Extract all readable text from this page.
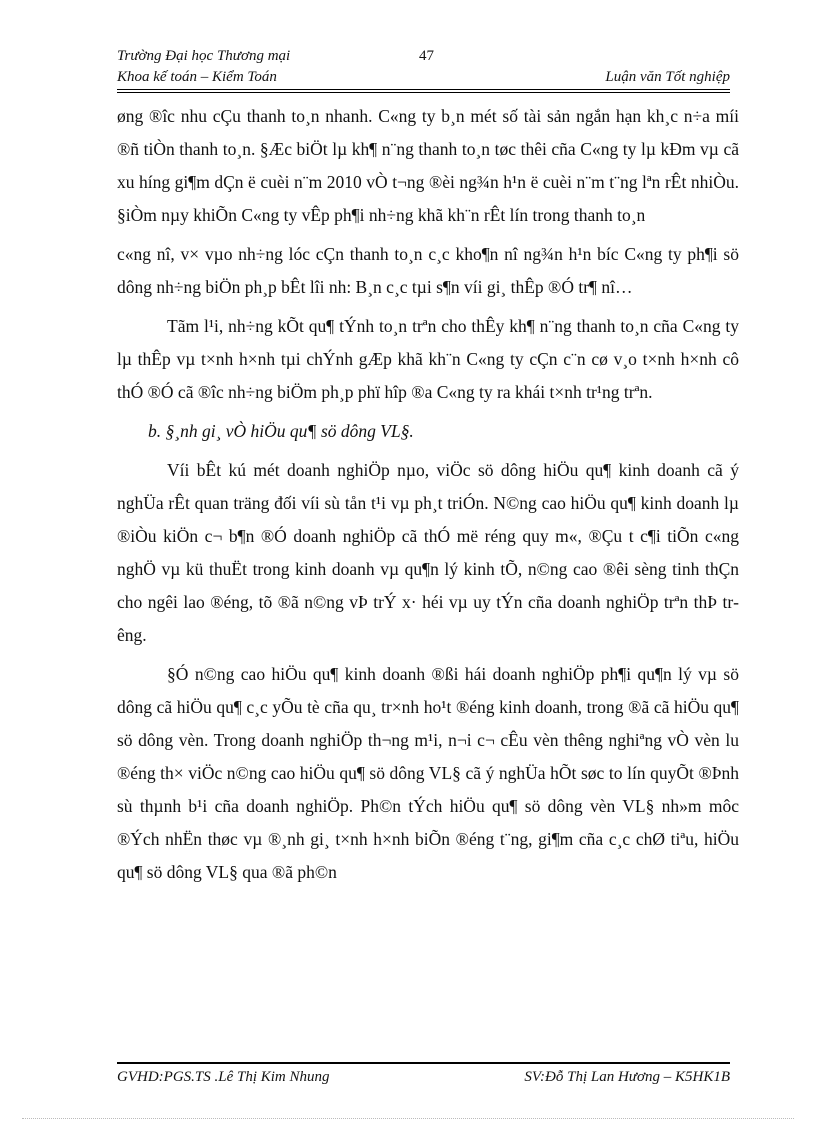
Trường Đại học Thương mại	47
Khoa kế toán – Kiểm Toán	Luận văn Tốt nghiệp

øng ®îc nhu cÇu thanh to¸n nhanh. C«ng ty b¸n mét số tài sản ngắn hạn kh¸c n÷a míi ®ñ tiÒn thanh to¸n. §Æc biÖt lµ kh¶ n¨ng thanh to¸n tøc thêi cña C«ng ty lµ kÐm vµ cã xu híng gi¶m dÇn ë cuèi n¨m 2010 vÒ t¬ng ®èi ng¾n h¹n ë cuèi n¨m t¨ng lªn rÊt nhiÒu. §iÒm nµy khiÕn C«ng ty vÊp ph¶i nh÷ng khã kh¨n rÊt lín trong thanh to¸n

c«ng nî, v× vµo nh÷ng lóc cÇn thanh to¸n c¸c kho¶n nî ng¾n h¹n bíc C«ng ty ph¶i sö dông nh÷ng biÖn ph¸p bÊt lîi nh: B¸n c¸c tµi s¶n víi gi¸ thÊp ®Ó tr¶ nî…

Tãm l¹i, nh÷ng kÕt qu¶ tÝnh to¸n trªn cho thÊy kh¶ n¨ng thanh to¸n cña C«ng ty lµ thÊp vµ t×nh h×nh tµi chÝnh gÆp khã kh¨n C«ng ty cÇn c¨n cø v¸o t×nh h×nh cô thÓ ®Ó cã ®îc nh÷ng biÖm ph¸p phï hîp ®a C«ng ty ra khái t×nh tr¹ng trªn.

b. §¸nh gi¸ vÒ hiÖu qu¶ sö dông VL§.

Víi bÊt kú mét doanh nghiÖp nµo, viÖc sö dông hiÖu qu¶ kinh doanh cã ý nghÜa rÊt quan träng đối víi sù tån t¹i vµ ph¸t triÓn. N©ng cao hiÖu qu¶ kinh doanh lµ ®iÒu kiÖn c¬ b¶n ®Ó doanh nghiÖp cã thÓ më réng quy m«, ®Çu t c¶i tiÕn c«ng nghÖ vµ kü thuËt trong kinh doanh vµ qu¶n lý kinh tÕ, n©ng cao ®êi sèng tinh thÇn cho ngêi lao ®éng, tõ ®ã n©ng vÞ trÝ x· héi vµ uy tÝn cña doanh nghiÖp trªn thÞ trêng.

§Ó n©ng cao hiÖu qu¶ kinh doanh ®ßi hái doanh nghiÖp ph¶i qu¶n lý vµ sö dông cã hiÖu qu¶ c¸c yÕu tè cña qu¸ tr×nh ho¹t ®éng kinh doanh, trong ®ã cã hiÖu qu¶ sö dông vèn. Trong doanh nghiÖp th¬ng m¹i, n¬i c¬ cÊu vèn thêng nghiªng vÒ vèn lu ®éng th× viÖc n©ng cao hiÖu qu¶ sö dông VL§ cã ý nghÜa hÕt søc to lín quyÕt ®Þnh sù thµnh b¹i cña doanh nghiÖp. Ph©n tÝch hiÖu qu¶ sö dông vèn VL§ nh»m môc ®Ých nhËn thøc vµ ®¸nh gi¸ t×nh h×nh biÕn ®éng t¨ng, gi¶m cña c¸c chØ tiªu, hiÖu qu¶ sö dông VL§ qua ®ã ph©n

GVHD:PGS.TS .Lê Thị Kim Nhung	SV:Đỗ Thị Lan Hương – K5HK1B
